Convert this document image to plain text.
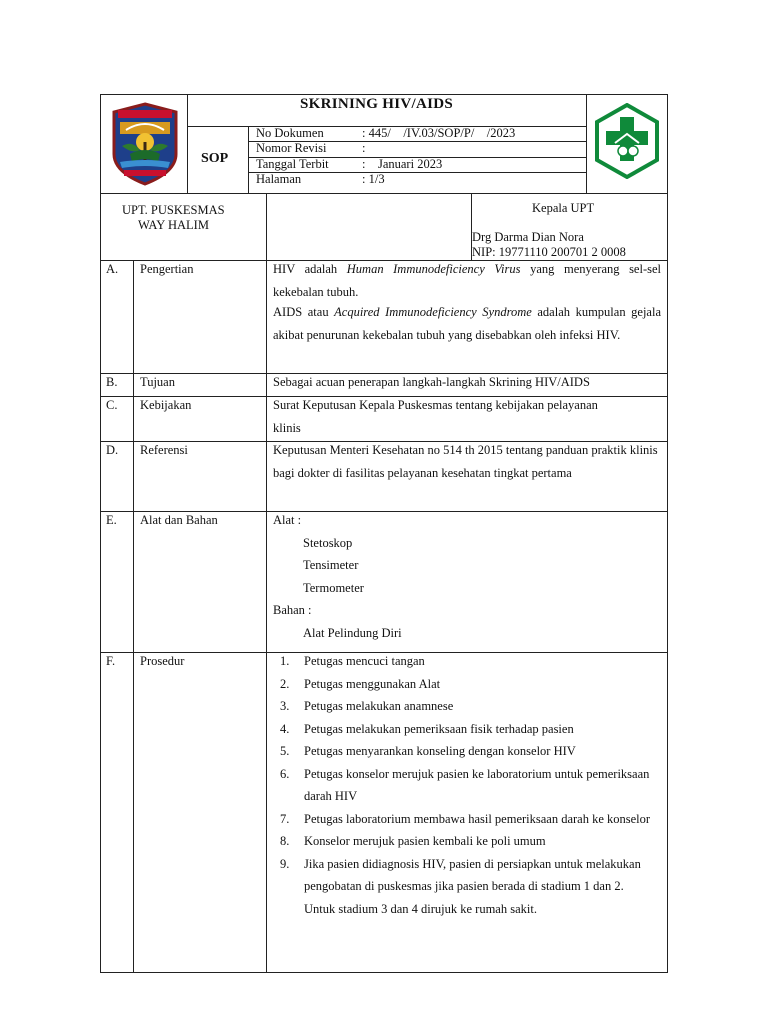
SKRINING HIV/AIDS
SOP
No Dokumen	: 445/    /IV.03/SOP/P/    /2023
Nomor Revisi	:
Tanggal Terbit	:    Januari 2023
Halaman	: 1/3
UPT. PUSKESMAS
WAY HALIM
Kepala UPT
Drg Darma Dian Nora
NIP: 19771110 200701 2 0008
A. Pengertian	HIV adalah Human Immunodeficiency Virus yang menyerang sel-sel kekebalan tubuh.
AIDS atau Acquired Immunodeficiency Syndrome adalah kumpulan gejala akibat penurunan kekebalan tubuh yang disebabkan oleh infeksi HIV.
B. Tujuan	Sebagai acuan penerapan langkah-langkah Skrining HIV/AIDS
C. Kebijakan	Surat Keputusan Kepala Puskesmas tentang kebijakan pelayanan klinis
D. Referensi	Keputusan Menteri Kesehatan no 514 th 2015 tentang panduan praktik klinis bagi dokter di fasilitas pelayanan kesehatan tingkat pertama
E. Alat dan Bahan	Alat :
Stetoskop
Tensimeter
Termometer
Bahan :
Alat Pelindung Diri
F. Prosedur	1. Petugas mencuci tangan
2. Petugas menggunakan Alat
3. Petugas melakukan anamnese
4. Petugas melakukan pemeriksaan fisik terhadap pasien
5. Petugas menyarankan konseling dengan konselor HIV
6. Petugas konselor merujuk pasien ke laboratorium untuk pemeriksaan darah HIV
7. Petugas laboratorium membawa hasil pemeriksaan darah ke konselor
8. Konselor merujuk pasien kembali ke poli umum
9. Jika pasien didiagnosis HIV, pasien di persiapkan untuk melakukan pengobatan di puskesmas jika pasien berada di stadium 1 dan 2. Untuk stadium 3 dan 4 dirujuk ke rumah sakit.
